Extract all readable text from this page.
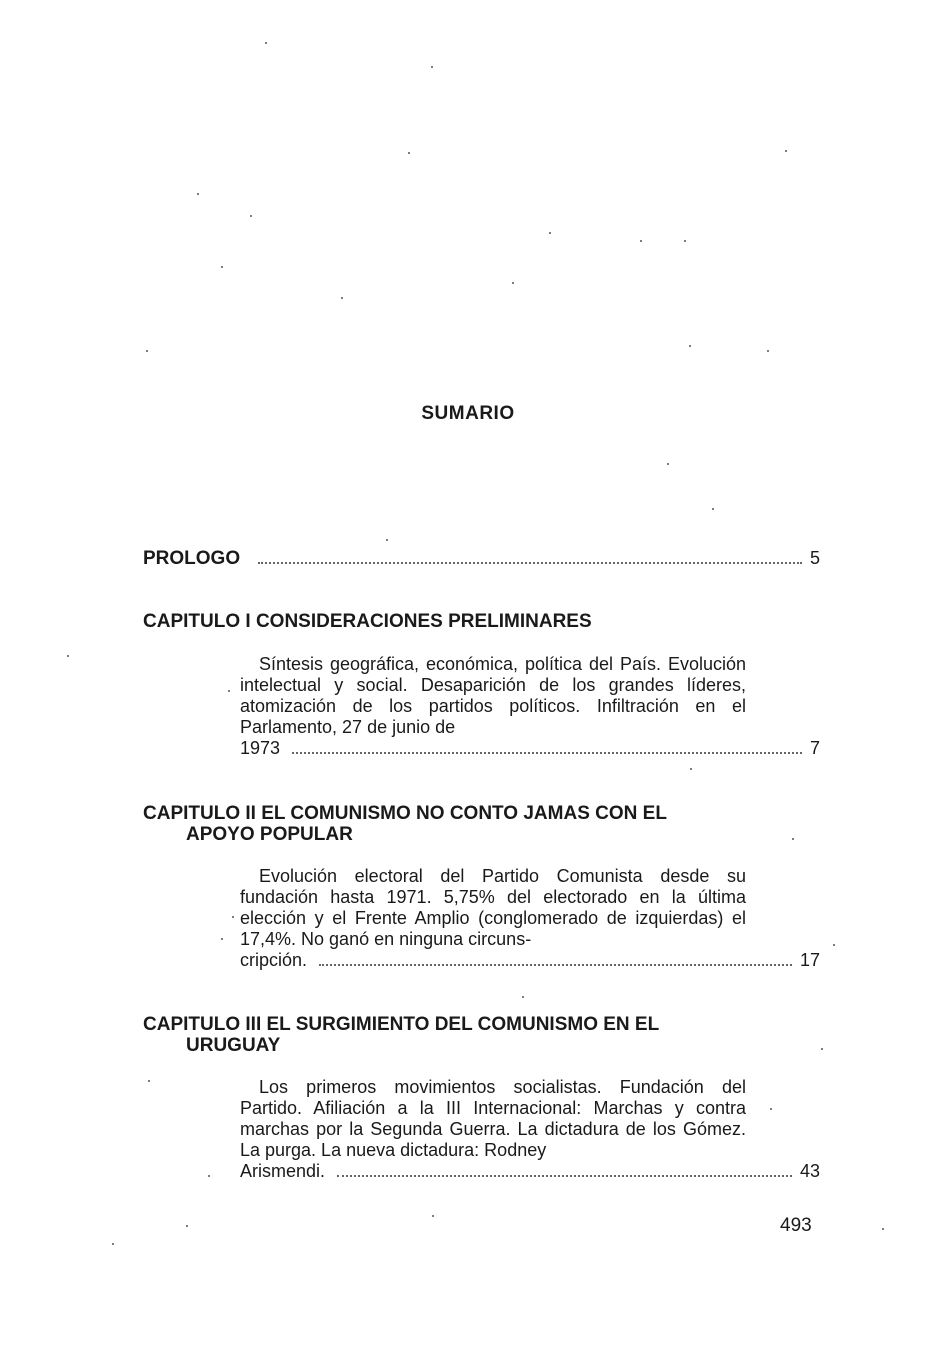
SUMARIO
PROLOGO	5
CAPITULO I CONSIDERACIONES PRELIMINARES
Síntesis geográfica, económica, política del País. Evolución intelectual y social. Desaparición de los grandes líderes, atomización de los partidos políticos. Infiltración en el Parlamento, 27 de junio de
1973	7
CAPITULO II EL COMUNISMO NO CONTO JAMAS CON EL
APOYO POPULAR
Evolución electoral del Partido Comunista desde su fundación hasta 1971. 5,75% del electorado en la última elección y el Frente Amplio (conglomerado de izquierdas) el 17,4%. No ganó en ninguna circuns-
cripción.	17
CAPITULO III EL SURGIMIENTO DEL COMUNISMO EN EL
URUGUAY
Los primeros movimientos socialistas. Fundación del Partido. Afiliación a la III Internacional: Marchas y contra marchas por la Segunda Guerra. La dictadura de los Gómez. La purga. La nueva dictadura: Rodney
Arismendi.	43
493
